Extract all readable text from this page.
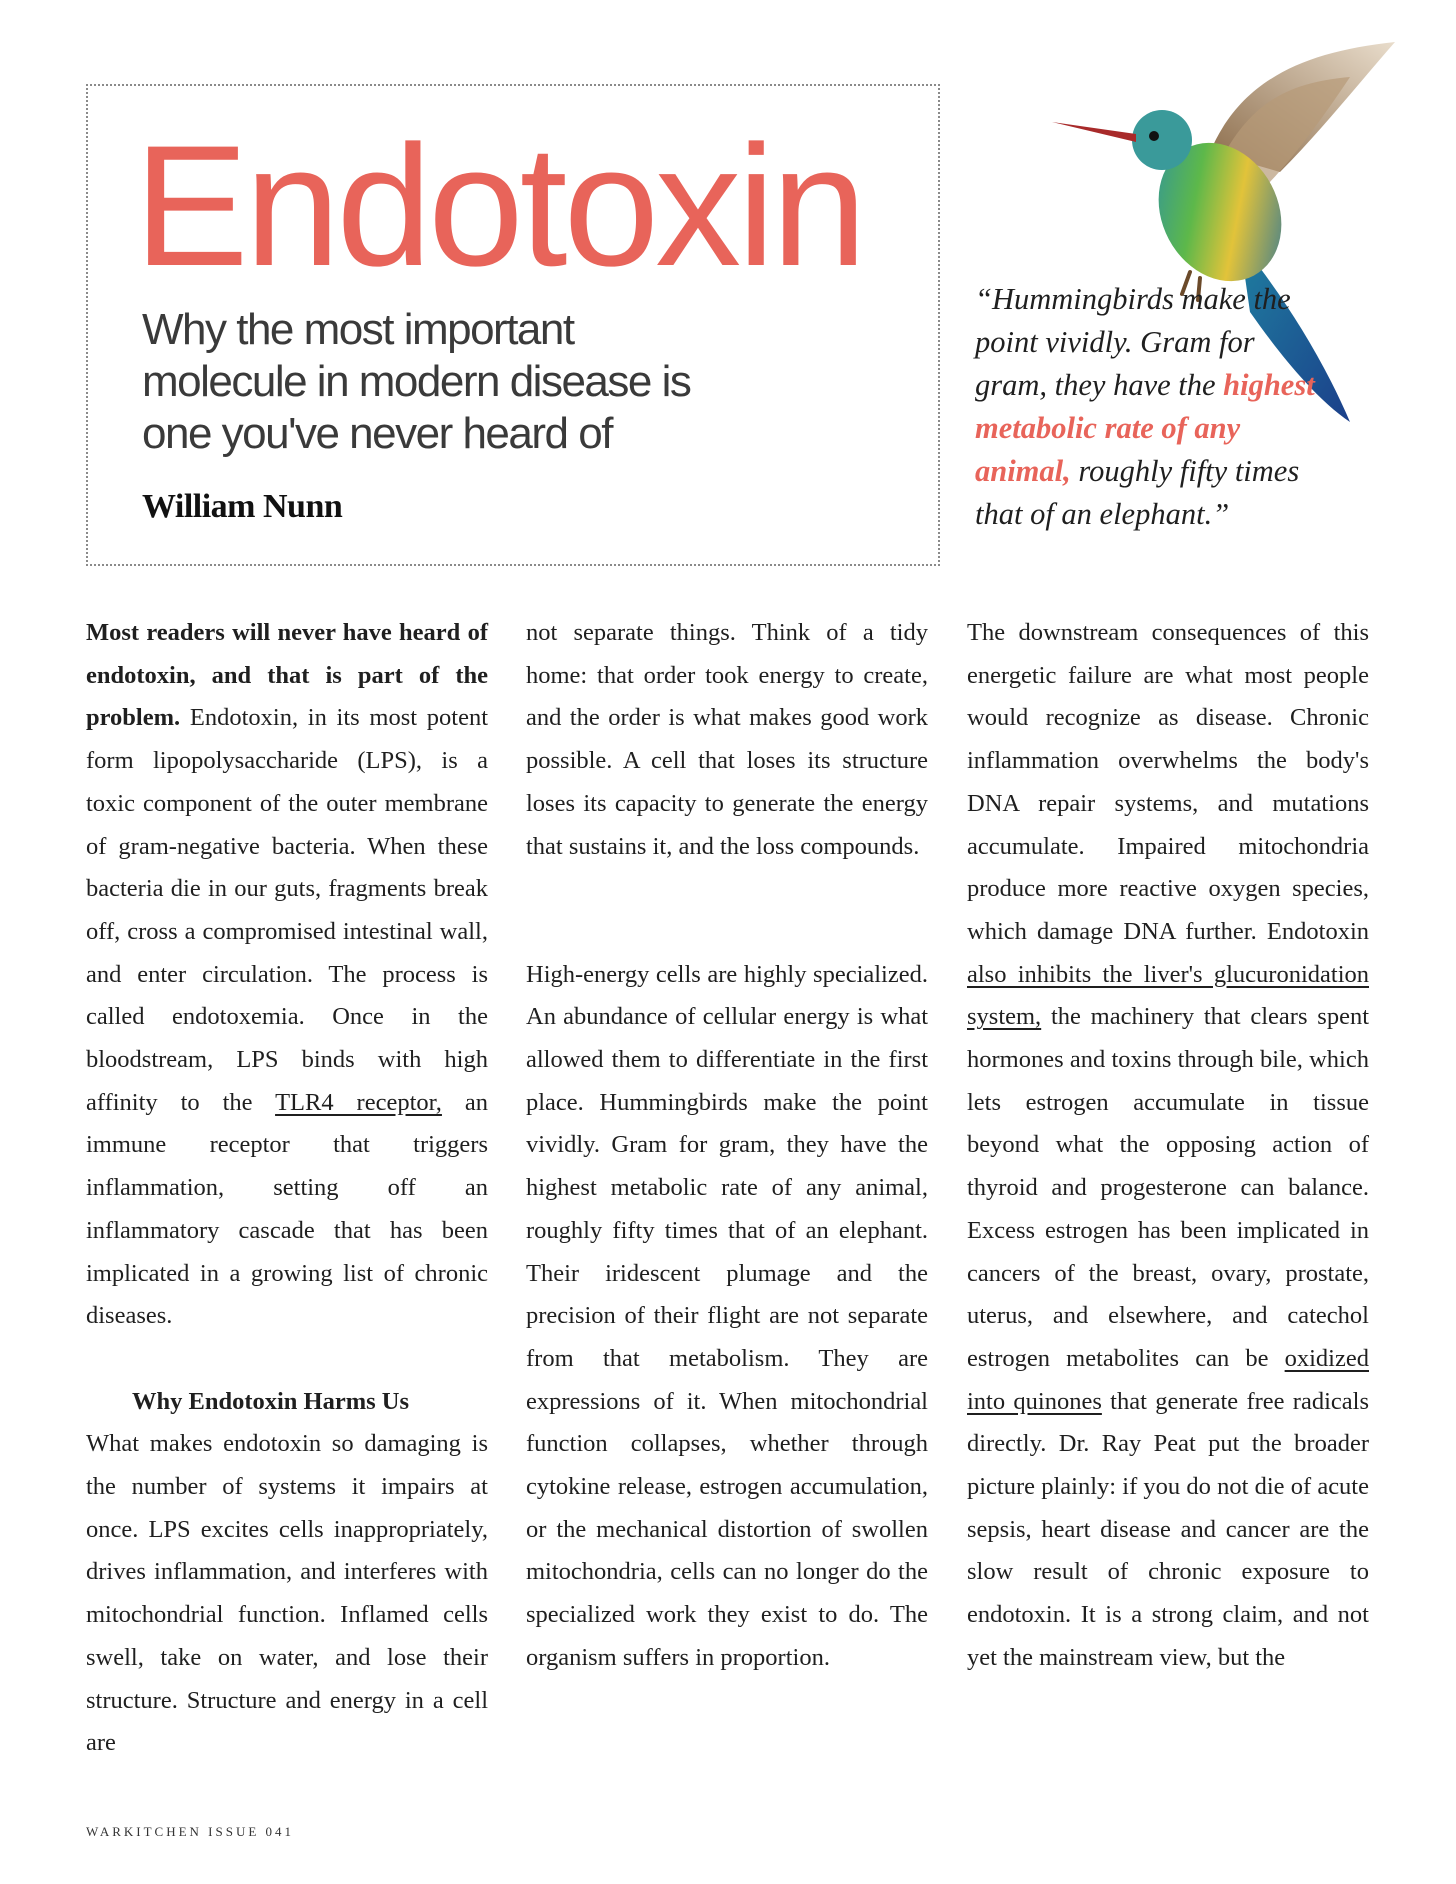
Endotoxin

Why the most important molecule in modern disease is one you've never heard of

William Nunn

“Hummingbirds make the point vividly. Gram for gram, they have the highest metabolic rate of any animal, roughly fifty times that of an elephant.”

Most readers will never have heard of endotoxin, and that is part of the problem. Endotoxin, in its most potent form lipopolysaccharide (LPS), is a toxic component of the outer membrane of gram-negative bacteria. When these bacteria die in our guts, fragments break off, cross a compromised intestinal wall, and enter circulation. The process is called endotoxemia. Once in the bloodstream, LPS binds with high affinity to the TLR4 receptor, an immune receptor that triggers inflammation, setting off an inflammatory cascade that has been implicated in a growing list of chronic diseases.

Why Endotoxin Harms Us

What makes endotoxin so damaging is the number of systems it impairs at once. LPS excites cells inappropriately, drives inflammation, and interferes with mitochondrial function. Inflamed cells swell, take on water, and lose their structure. Structure and energy in a cell are

not separate things. Think of a tidy home: that order took energy to create, and the order is what makes good work possible. A cell that loses its structure loses its capacity to generate the energy that sustains it, and the loss compounds.

High-energy cells are highly specialized. An abundance of cellular energy is what allowed them to differentiate in the first place. Hummingbirds make the point vividly. Gram for gram, they have the highest metabolic rate of any animal, roughly fifty times that of an elephant. Their iridescent plumage and the precision of their flight are not separate from that metabolism. They are expressions of it. When mitochondrial function collapses, whether through cytokine release, estrogen accumulation, or the mechanical distortion of swollen mitochondria, cells can no longer do the specialized work they exist to do. The organism suffers in proportion.

The downstream consequences of this energetic failure are what most people would recognize as disease. Chronic inflammation overwhelms the body's DNA repair systems, and mutations accumulate. Impaired mitochondria produce more reactive oxygen species, which damage DNA further. Endotoxin also inhibits the liver's glucuronidation system, the machinery that clears spent hormones and toxins through bile, which lets estrogen accumulate in tissue beyond what the opposing action of thyroid and progesterone can balance. Excess estrogen has been implicated in cancers of the breast, ovary, prostate, uterus, and elsewhere, and catechol estrogen metabolites can be oxidized into quinones that generate free radicals directly. Dr. Ray Peat put the broader picture plainly: if you do not die of acute sepsis, heart disease and cancer are the slow result of chronic exposure to endotoxin. It is a strong claim, and not yet the mainstream view, but the

WARKITCHEN ISSUE 041
